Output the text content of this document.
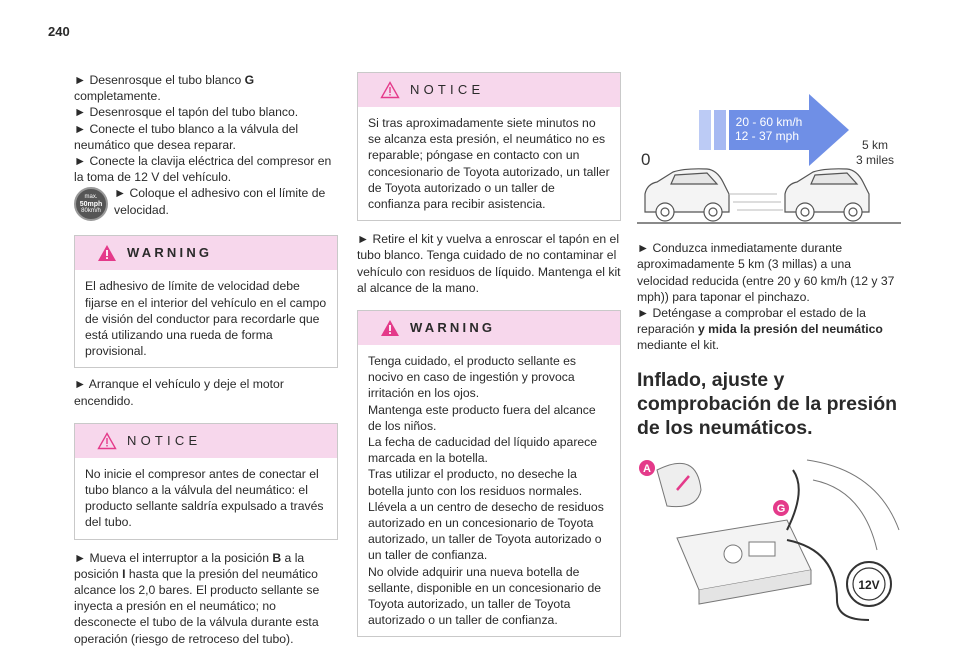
240

► Desenrosque el tubo blanco G completamente.

► Desenrosque el tapón del tubo blanco.

► Conecte el tubo blanco a la válvula del neumático que desea reparar.

► Conecte la clavija eléctrica del compresor en la toma de 12 V del vehículo.

max.
50mph
80km/h

► Coloque el adhesivo con el límite de velocidad.

WARNING
El adhesivo de límite de velocidad debe fijarse en el interior del vehículo en el campo de visión del conductor para recordarle que está utilizando una rueda de forma provisional.

► Arranque el vehículo y deje el motor encendido.

NOTICE
No inicie el compresor antes de conectar el tubo blanco a la válvula del neumático: el producto sellante saldría expulsado a través del tubo.

► Mueva el interruptor a la posición B a la posición I hasta que la presión del neumático alcance los 2,0 bares. El producto sellante se inyecta a presión en el neumático; no desconecte el tubo de la válvula durante esta operación (riesgo de retroceso del tubo).

NOTICE
Si tras aproximadamente siete minutos no se alcanza esta presión, el neumático no es reparable; póngase en contacto con un concesionario de Toyota autorizado, un taller de Toyota autorizado o un taller de confianza para recibir asistencia.

► Retire el kit y vuelva a enroscar el tapón en el tubo blanco. Tenga cuidado de no contaminar el vehículo con residuos de líquido. Mantenga el kit al alcance de la mano.

WARNING

Tenga cuidado, el producto sellante es nocivo en caso de ingestión y provoca irritación en los ojos.

Mantenga este producto fuera del alcance de los niños.

La fecha de caducidad del líquido aparece marcada en la botella.

Tras utilizar el producto, no deseche la botella junto con los residuos normales. Llévela a un centro de desecho de residuos autorizado en un concesionario de Toyota autorizado, un taller de Toyota autorizado o un taller de confianza.

No olvide adquirir una nueva botella de sellante, disponible en un concesionario de Toyota autorizado, un taller de Toyota autorizado o un taller de confianza.

20 - 60 km/h
12 - 37 mph
0
5 km
3 miles

► Conduzca inmediatamente durante aproximadamente 5 km (3 millas) a una velocidad reducida (entre 20 y 60 km/h (12 y 37 mph)) para taponar el pinchazo.

► Deténgase a comprobar el estado de la reparación y mida la presión del neumático mediante el kit.

Inflado, ajuste y comprobación de la presión de los neumáticos.

A
G
12V
